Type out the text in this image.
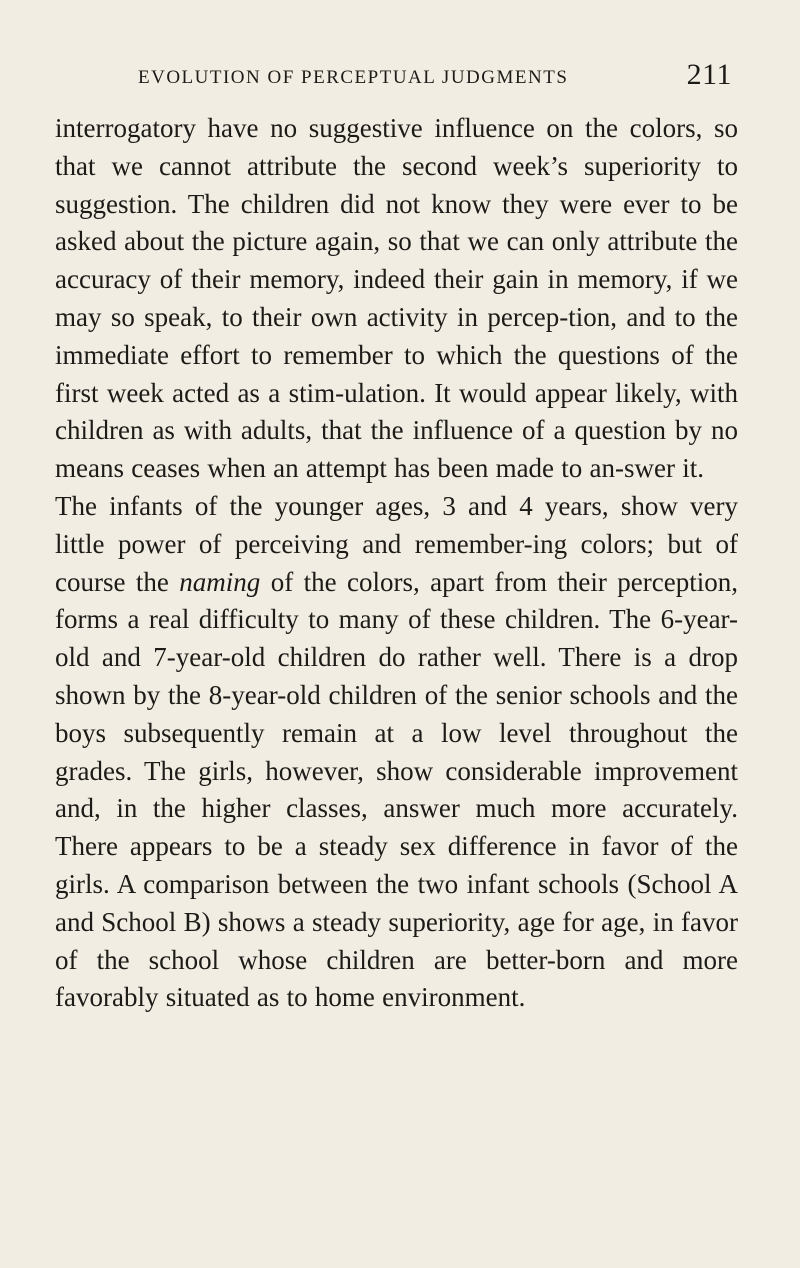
EVOLUTION OF PERCEPTUAL JUDGMENTS	211

interrogatory have no suggestive influence on the colors, so that we cannot attribute the second week’s superiority to suggestion. The children did not know they were ever to be asked about the picture again, so that we can only attribute the accuracy of their memory, indeed their gain in memory, if we may so speak, to their own activity in percep-tion, and to the immediate effort to remember to which the questions of the first week acted as a stim-ulation. It would appear likely, with children as with adults, that the influence of a question by no means ceases when an attempt has been made to an-swer it.

The infants of the younger ages, 3 and 4 years, show very little power of perceiving and remember-ing colors; but of course the naming of the colors, apart from their perception, forms a real difficulty to many of these children. The 6-year-old and 7-year-old children do rather well. There is a drop shown by the 8-year-old children of the senior schools and the boys subsequently remain at a low level throughout the grades. The girls, however, show considerable improvement and, in the higher classes, answer much more accurately. There appears to be a steady sex difference in favor of the girls. A comparison between the two infant schools (School A and School B) shows a steady superiority, age for age, in favor of the school whose children are better-born and more favorably situated as to home environment.
